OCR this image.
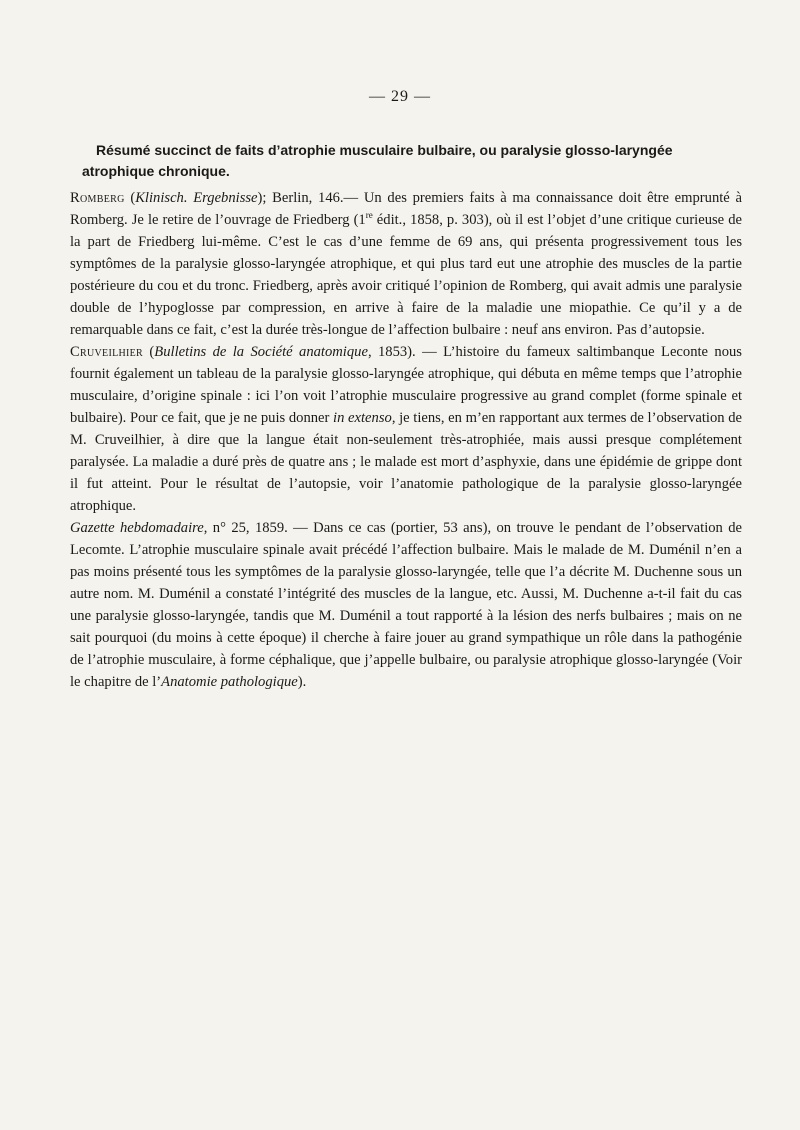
— 29 —
Résumé succinct de faits d’atrophie musculaire bulbaire, ou paralysie glosso-laryngée atrophique chronique.

Romberg (Klinisch. Ergebnisse); Berlin, 146.— Un des premiers faits à ma connaissance doit être emprunté à Romberg. Je le retire de l’ouvrage de Friedberg (1re édit., 1858, p. 303), où il est l’objet d’une critique curieuse de la part de Friedberg lui-même. C’est le cas d’une femme de 69 ans, qui présenta progressivement tous les symptômes de la paralysie glosso-laryngée atrophique, et qui plus tard eut une atrophie des muscles de la partie postérieure du cou et du tronc. Friedberg, après avoir critiqué l’opinion de Romberg, qui avait admis une paralysie double de l’hypoglosse par compression, en arrive à faire de la maladie une miopathie. Ce qu’il y a de remarquable dans ce fait, c’est la durée très-longue de l’affection bulbaire : neuf ans environ. Pas d’autopsie.

Cruveilhier (Bulletins de la Société anatomique, 1853). — L’histoire du fameux saltimbanque Leconte nous fournit également un tableau de la paralysie glosso-laryngée atrophique, qui débuta en même temps que l’atrophie musculaire, d’origine spinale : ici l’on voit l’atrophie musculaire progressive au grand complet (forme spinale et bulbaire). Pour ce fait, que je ne puis donner in extenso, je tiens, en m’en rapportant aux termes de l’observation de M. Cruveilhier, à dire que la langue était non-seulement très-atrophiée, mais aussi presque complétement paralysée. La maladie a duré près de quatre ans ; le malade est mort d’asphyxie, dans une épidémie de grippe dont il fut atteint. Pour le résultat de l’autopsie, voir l’anatomie pathologique de la paralysie glosso-laryngée atrophique.

Gazette hebdomadaire, n° 25, 1859. — Dans ce cas (portier, 53 ans), on trouve le pendant de l’observation de Lecomte. L’atrophie musculaire spinale avait précédé l’affection bulbaire. Mais le malade de M. Duménil n’en a pas moins présenté tous les symptômes de la paralysie glosso-laryngée, telle que l’a décrite M. Duchenne sous un autre nom. M. Duménil a constaté l’intégrité des muscles de la langue, etc. Aussi, M. Duchenne a-t-il fait du cas une paralysie glosso-laryngée, tandis que M. Duménil a tout rapporté à la lésion des nerfs bulbaires ; mais on ne sait pourquoi (du moins à cette époque) il cherche à faire jouer au grand sympathique un rôle dans la pathogénie de l’atrophie musculaire, à forme céphalique, que j’appelle bulbaire, ou paralysie atrophique glosso-laryngée (Voir le chapitre de l’Anatomie pathologique).
